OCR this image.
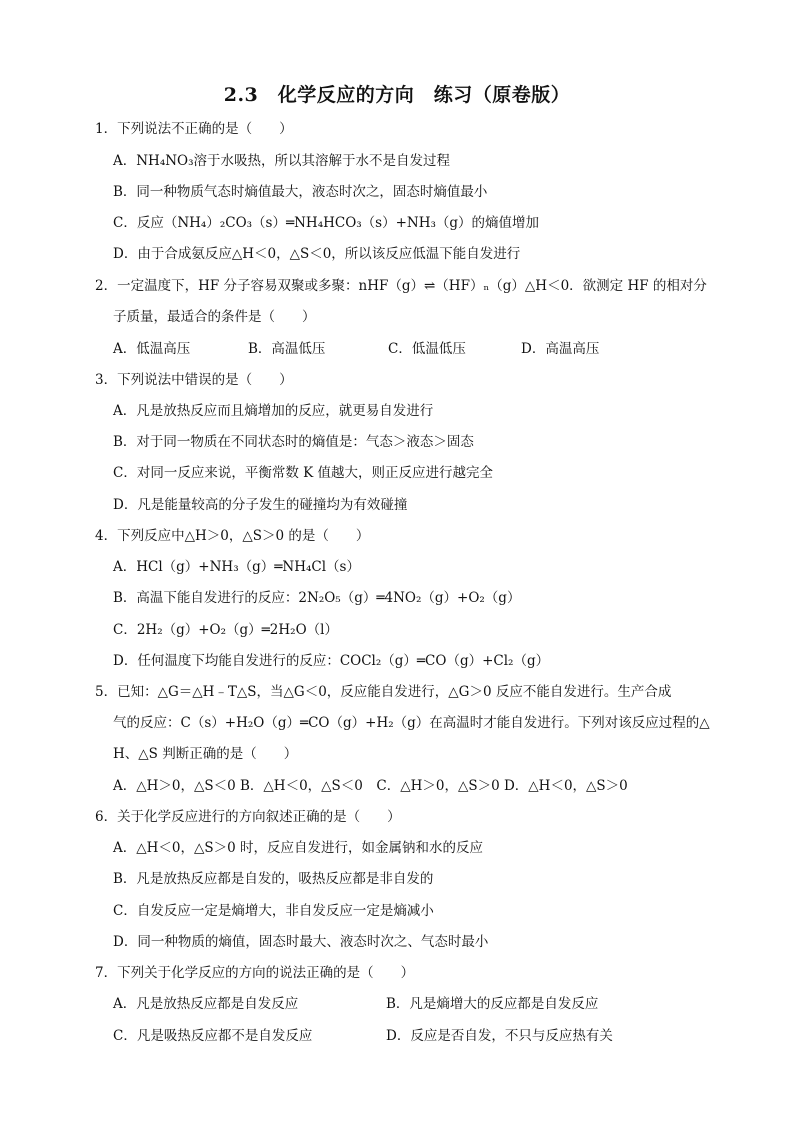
2.3　化学反应的方向　练习（原卷版）
1．下列说法不正确的是（　　）
A．NH₄NO₃溶于水吸热，所以其溶解于水不是自发过程
B．同一种物质气态时熵值最大，液态时次之，固态时熵值最小
C．反应（NH₄）₂CO₃（s）═NH₄HCO₃（s）+NH₃（g）的熵值增加
D．由于合成氨反应△H＜0，△S＜0，所以该反应低温下能自发进行
2．一定温度下，HF 分子容易双聚或多聚：nHF（g）⇌（HF）ₙ（g）△H＜0．欲测定 HF 的相对分
子质量，最适合的条件是（　　）
A．低温高压	B．高温低压	C．低温低压	D．高温高压
3．下列说法中错误的是（　　）
A．凡是放热反应而且熵增加的反应，就更易自发进行
B．对于同一物质在不同状态时的熵值是：气态＞液态＞固态
C．对同一反应来说，平衡常数 K 值越大，则正反应进行越完全
D．凡是能量较高的分子发生的碰撞均为有效碰撞
4．下列反应中△H＞0，△S＞0 的是（　　）
A．HCl（g）+NH₃（g）═NH₄Cl（s）
B．高温下能自发进行的反应：2N₂O₅（g）═4NO₂（g）+O₂（g）
C．2H₂（g）+O₂（g）═2H₂O（l）
D．任何温度下均能自发进行的反应：COCl₂（g）═CO（g）+Cl₂（g）
5．已知：△G＝△H﹣T△S，当△G＜0，反应能自发进行，△G＞0 反应不能自发进行。生产合成
气的反应：C（s）+H₂O（g）═CO（g）+H₂（g）在高温时才能自发进行。下列对该反应过程的△
H、△S 判断正确的是（　　）
A．△H＞0，△S＜0 B．△H＜0，△S＜0　C．△H＞0，△S＞0 D．△H＜0，△S＞0
6．关于化学反应进行的方向叙述正确的是（　　）
A．△H＜0，△S＞0 时，反应自发进行，如金属钠和水的反应
B．凡是放热反应都是自发的，吸热反应都是非自发的
C．自发反应一定是熵增大，非自发反应一定是熵减小
D．同一种物质的熵值，固态时最大、液态时次之、气态时最小
7．下列关于化学反应的方向的说法正确的是（　　）
A．凡是放热反应都是自发反应	B．凡是熵增大的反应都是自发反应
C．凡是吸热反应都不是自发反应	D．反应是否自发，不只与反应热有关
